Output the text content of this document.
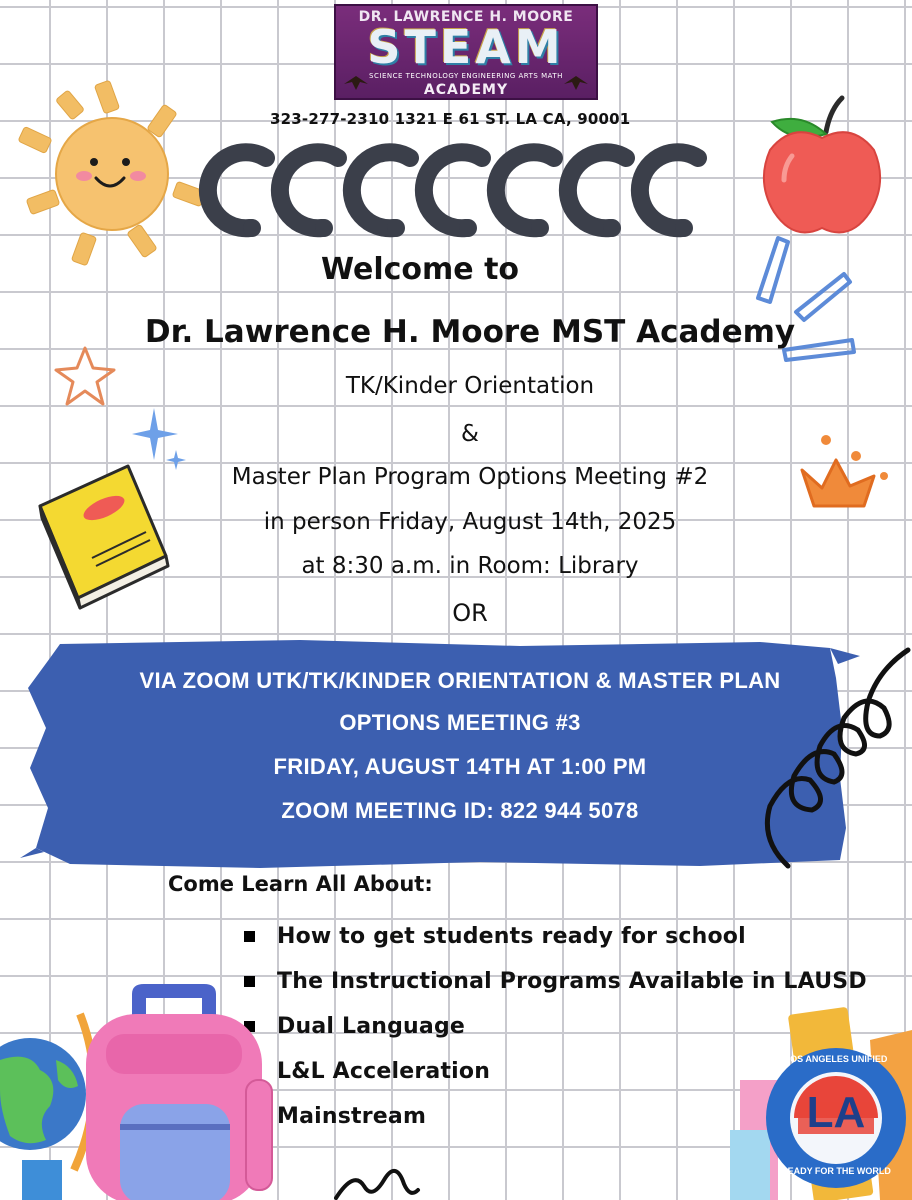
DR. LAWRENCE H. MOORE
STEAM
SCIENCE TECHNOLOGY ENGINEERING ARTS MATH
ACADEMY
323-277-2310 1321 E 61 ST. LA CA, 90001
Welcome to
Dr. Lawrence H. Moore MST Academy
TK/Kinder Orientation
&
Master Plan Program Options Meeting #2
in person Friday, August 14th, 2025
at 8:30 a.m. in Room: Library
OR
VIA ZOOM UTK/TK/KINDER ORIENTATION & MASTER PLAN
OPTIONS MEETING #3
FRIDAY, AUGUST 14TH AT 1:00 PM
ZOOM MEETING ID: 822 944 5078
Come Learn All About:
How to get students ready for school
The Instructional Programs Available in LAUSD
Dual Language
L&L Acceleration
Mainstream	LA
LOS ANGELES UNIFIED
READY FOR THE WORLD
